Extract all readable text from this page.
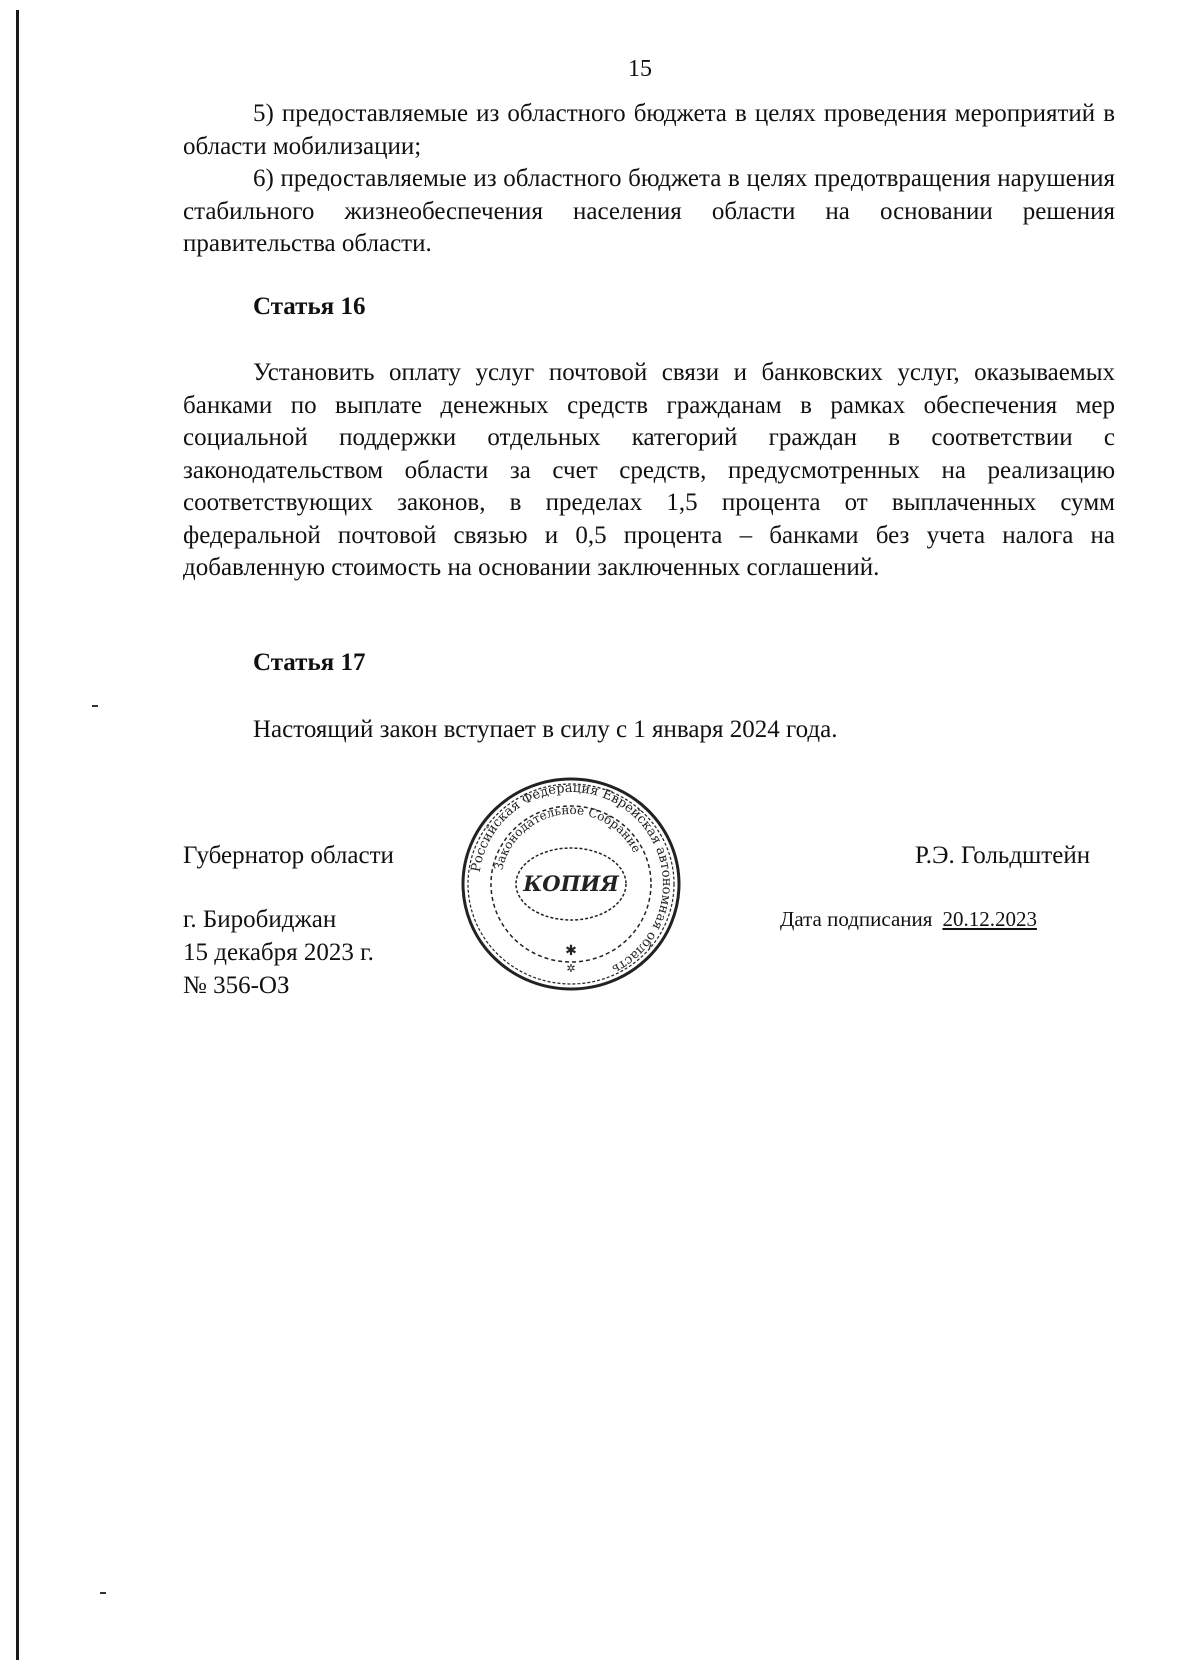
15

5) предоставляемые из областного бюджета в целях проведения мероприятий в области мобилизации;

6) предоставляемые из областного бюджета в целях предотвращения нарушения стабильного жизнеобеспечения населения области на основании решения правительства области.

Статья 16

Установить оплату услуг почтовой связи и банковских услуг, оказываемых банками по выплате денежных средств гражданам в рамках обеспечения мер социальной поддержки отдельных категорий граждан в соответствии с законодательством области за счет средств, предусмотренных на реализацию соответствующих законов, в пределах 1,5 процента от выплаченных сумм федеральной почтовой связью и 0,5 процента – банками без учета налога на добавленную стоимость на основании заключенных соглашений.

Статья 17

Настоящий закон вступает в силу с 1 января 2024 года.

Губернатор области	Р.Э. Гольдштейн
г. Биробиджан
15 декабря 2023 г.
№ 356-ОЗ
Дата подписания 20.12.2023
Российская Федерация Еврейская автономная область
Законодательное Собрание
КОПИЯ
✱
✲
